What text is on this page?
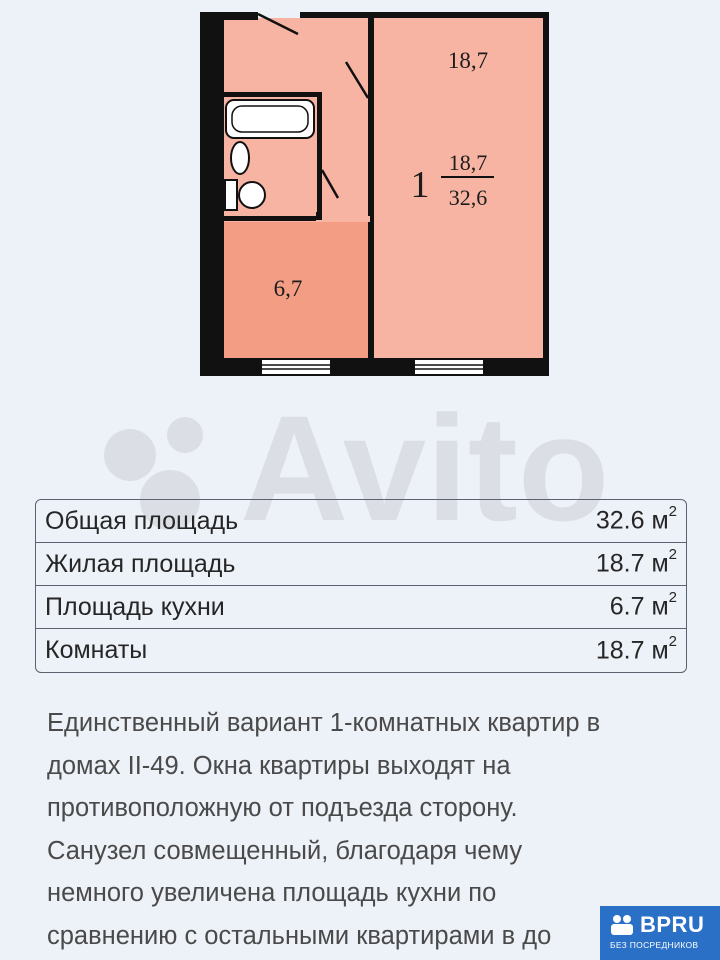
18,7
1
18,7
32,6
6,7
Avito
Общая площадь	32.6 $м^2$
Жилая площадь	18.7 $м^2$
Площадь кухни	6.7 $м^2$
Комнаты	18.7 $м^2$
Единственный вариант 1-комнатных квартир в
домах II-49. Окна квартиры выходят на
противоположную от подъезда сторону.
Санузел совмещенный, благодаря чему
немного увеличена площадь кухни по
сравнению с остальными квартирами в до	BPRU
БЕЗ ПОСРЕДНИКОВ
